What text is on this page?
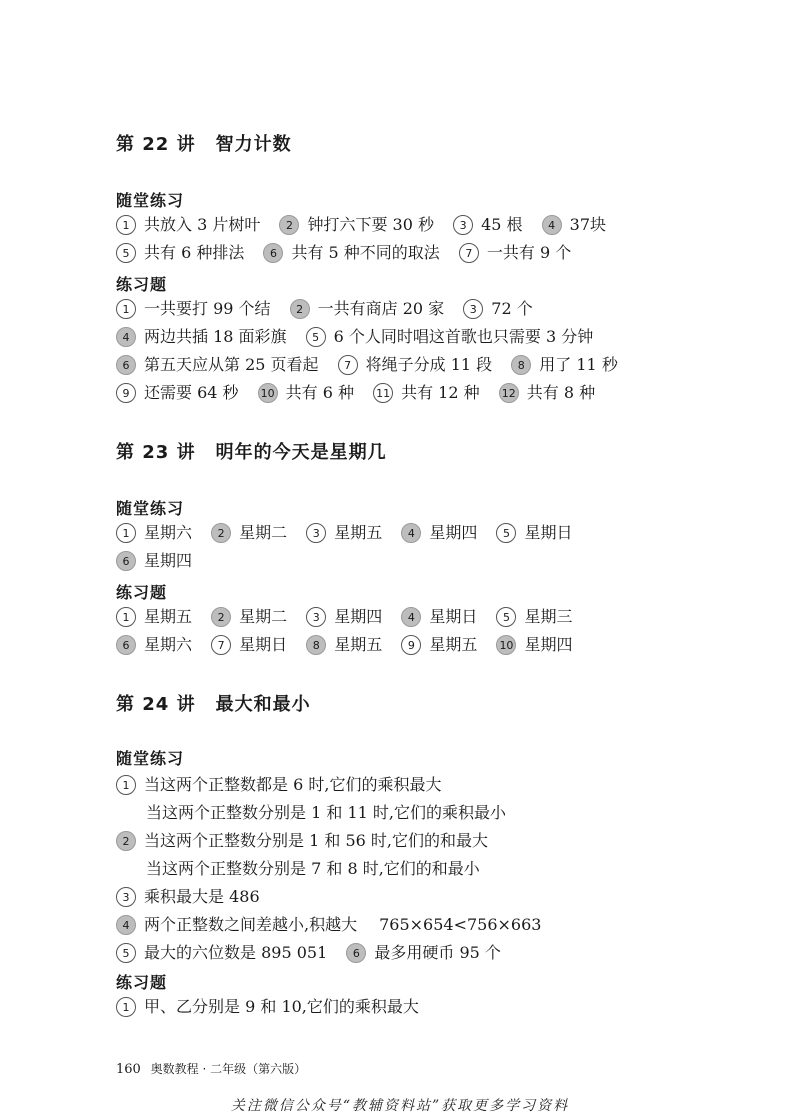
第 22 讲 智力计数
随堂练习
1 共放入 3 片树叶 2 钟打六下要 30 秒 3 45 根 4 37块
5 共有 6 种排法 6 共有 5 种不同的取法 7 一共有 9 个
练习题
1 一共要打 99 个结 2 一共有商店 20 家 3 72 个
4 两边共插 18 面彩旗 5 6 个人同时唱这首歌也只需要 3 分钟
6 第五天应从第 25 页看起 7 将绳子分成 11 段 8 用了 11 秒
9 还需要 64 秒 10 共有 6 种 11 共有 12 种 12 共有 8 种
第 23 讲 明年的今天是星期几
随堂练习
1 星期六 2 星期二 3 星期五 4 星期四 5 星期日
6 星期四
练习题
1 星期五 2 星期二 3 星期四 4 星期日 5 星期三
6 星期六 7 星期日 8 星期五 9 星期五 10 星期四
第 24 讲 最大和最小
随堂练习
1 当这两个正整数都是 6 时,它们的乘积最大
当这两个正整数分别是 1 和 11 时,它们的乘积最小
2 当这两个正整数分别是 1 和 56 时,它们的和最大
当这两个正整数分别是 7 和 8 时,它们的和最小
3 乘积最大是 486
4 两个正整数之间差越小,积越大 765×654<756×663
5 最大的六位数是 895 051 6 最多用硬币 95 个
练习题
1 甲、乙分别是 9 和 10,它们的乘积最大
160 奥数教程 · 二年级（第六版）
关注微信公众号“教辅资料站”获取更多学习资料
